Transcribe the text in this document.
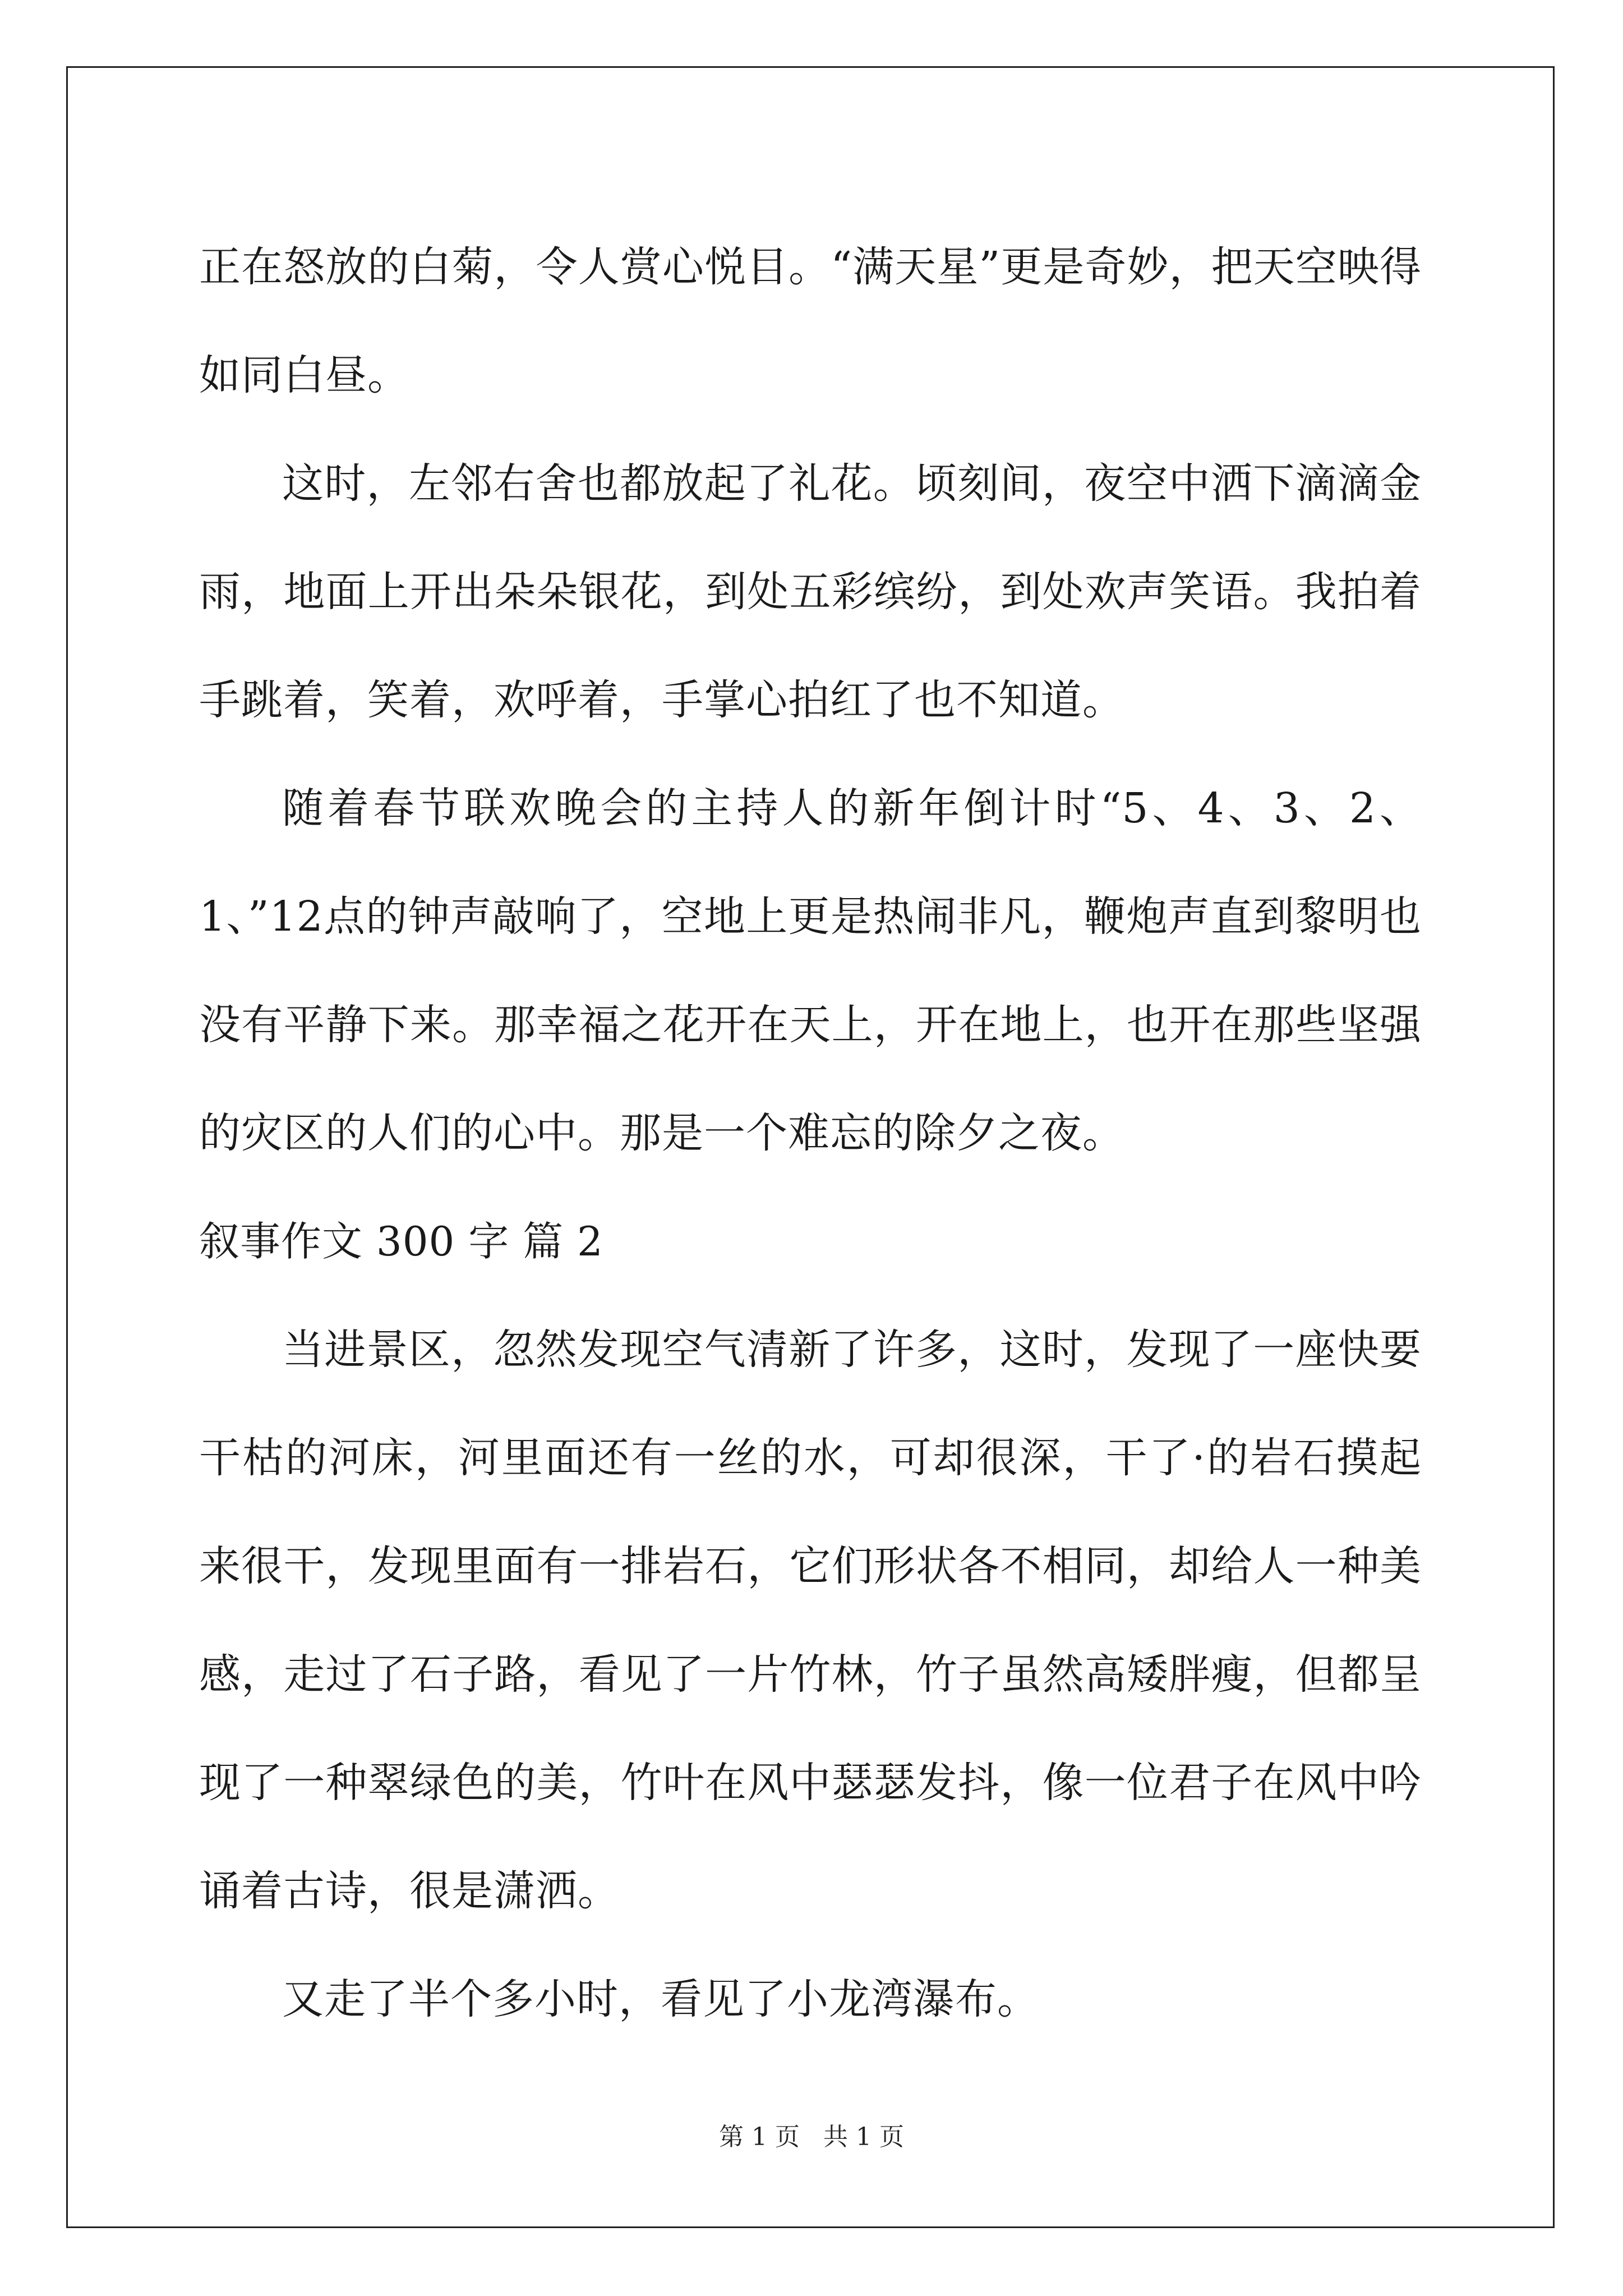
正在怒放的白菊，令人赏心悦目。“满天星”更是奇妙，把天空映得如同白昼。

这时，左邻右舍也都放起了礼花。顷刻间，夜空中洒下滴滴金雨，地面上开出朵朵银花，到处五彩缤纷，到处欢声笑语。我拍着手跳着，笑着，欢呼着，手掌心拍红了也不知道。

随着春节联欢晚会的主持人的新年倒计时“5、4、3、2、1、”12点的钟声敲响了，空地上更是热闹非凡，鞭炮声直到黎明也没有平静下来。那幸福之花开在天上，开在地上，也开在那些坚强的灾区的人们的心中。那是一个难忘的除夕之夜。

叙事作文 300 字 篇 2

当进景区，忽然发现空气清新了许多，这时，发现了一座快要干枯的河床，河里面还有一丝的水，可却很深，干了·的岩石摸起来很干，发现里面有一排岩石，它们形状各不相同，却给人一种美感，走过了石子路，看见了一片竹林，竹子虽然高矮胖瘦，但都呈现了一种翠绿色的美，竹叶在风中瑟瑟发抖，像一位君子在风中吟诵着古诗，很是潇洒。

又走了半个多小时，看见了小龙湾瀑布。

第 1 页 共 1 页
